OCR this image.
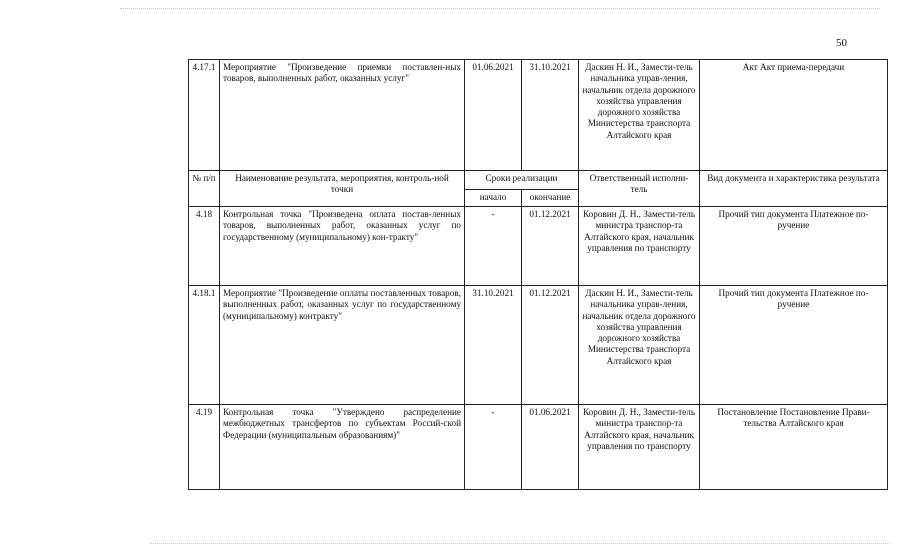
50
4.17.1	Мероприятие "Произведение приемки поставлен-ных товаров, выполненных работ, оказанных услуг"	01.06.2021	31.10.2021	Даскин Н. И., Замести-тель начальника управ-ления, начальник отдела дорожного хозяйства управления дорожного хозяйства Министерства транспорта Алтайского края	Акт Акт приема-передачи
№ п/п	Наименование результата, мероприятия, контроль-ной точки	Сроки реализации		Ответственный исполни-тель	Вид документа и характеристика результата
		начало	окончание		
4.18	Контрольная точка "Произведена оплата постав-ленных товаров, выполненных работ, оказанных услуг по государственному (муниципальному) кон-тракту"	-	01.12.2021	Коровин Д. Н., Замести-тель министра транспор-та Алтайского края, начальник управления по транспорту	Прочий тип документа Платежное по-ручение
4.18.1	Мероприятие "Произведение оплаты поставленных товаров, выполненных работ, оказанных услуг по государственному (муниципальному) контракту"	31.10.2021	01.12.2021	Даскин Н. И., Замести-тель начальника управ-ления, начальник отдела дорожного хозяйства управления дорожного хозяйства Министерства транспорта Алтайского края	Прочий тип документа Платежное по-ручение
4.19	Контрольная точка "Утверждено распределение межбюджетных трансфертов по субъектам Россий-ской Федерации (муниципальным образованиям)"	-	01.06.2021	Коровин Д. Н., Замести-тель министра транспор-та Алтайского края, начальник управления по транспорту	Постановление Постановление Прави-тельства Алтайского края
